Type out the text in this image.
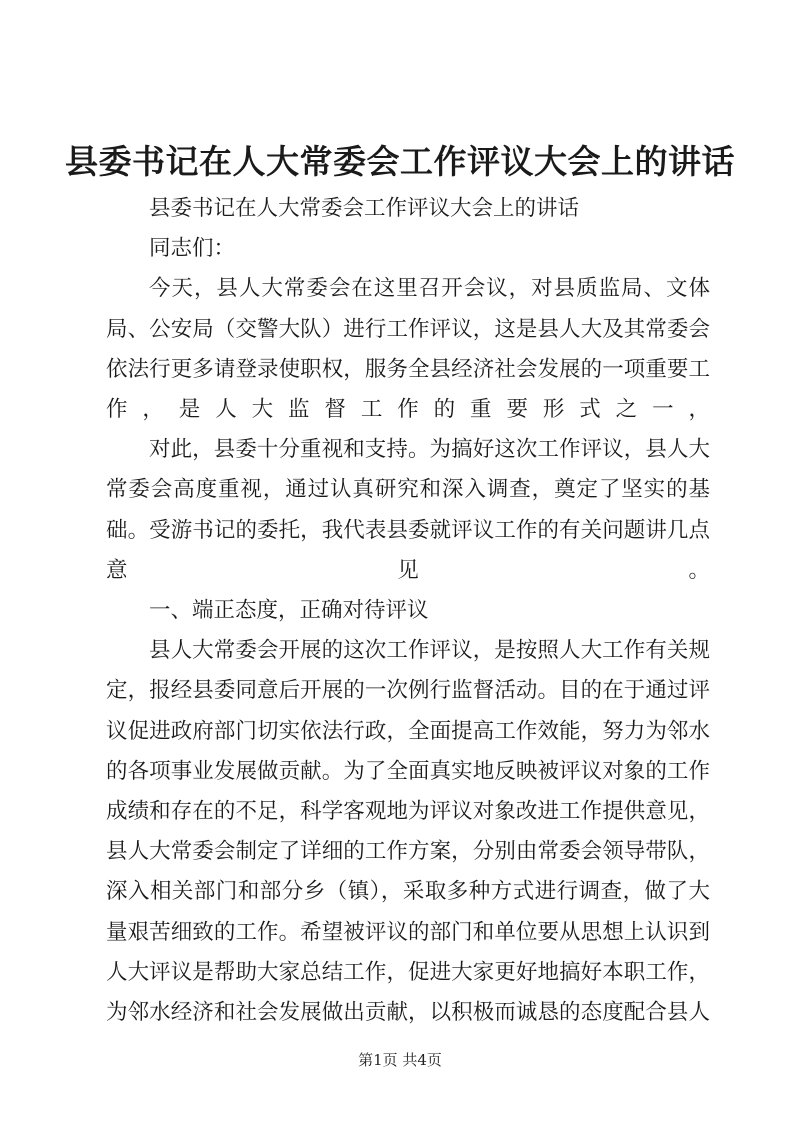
县委书记在人大常委会工作评议大会上的讲话

县委书记在人大常委会工作评议大会上的讲话

同志们：

今天，县人大常委会在这里召开会议，对县质监局、文体局、公安局（交警大队）进行工作评议，这是县人大及其常委会依法行更多请登录使职权，服务全县经济社会发展的一项重要工作，是人大监督工作的重要形式之一，

对此，县委十分重视和支持。为搞好这次工作评议，县人大常委会高度重视，通过认真研究和深入调查，奠定了坚实的基础。受游书记的委托，我代表县委就评议工作的有关问题讲几点意见。

一、端正态度，正确对待评议

县人大常委会开展的这次工作评议，是按照人大工作有关规定，报经县委同意后开展的一次例行监督活动。目的在于通过评议促进政府部门切实依法行政，全面提高工作效能，努力为邻水的各项事业发展做贡献。为了全面真实地反映被评议对象的工作成绩和存在的不足，科学客观地为评议对象改进工作提供意见，县人大常委会制定了详细的工作方案，分别由常委会领导带队，深入相关部门和部分乡（镇），采取多种方式进行调查，做了大量艰苦细致的工作。希望被评议的部门和单位要从思想上认识到人大评议是帮助大家总结工作，促进大家更好地搞好本职工作，为邻水经济和社会发展做出贡献，以积极而诚恳的态度配合县人

第1页 共4页
